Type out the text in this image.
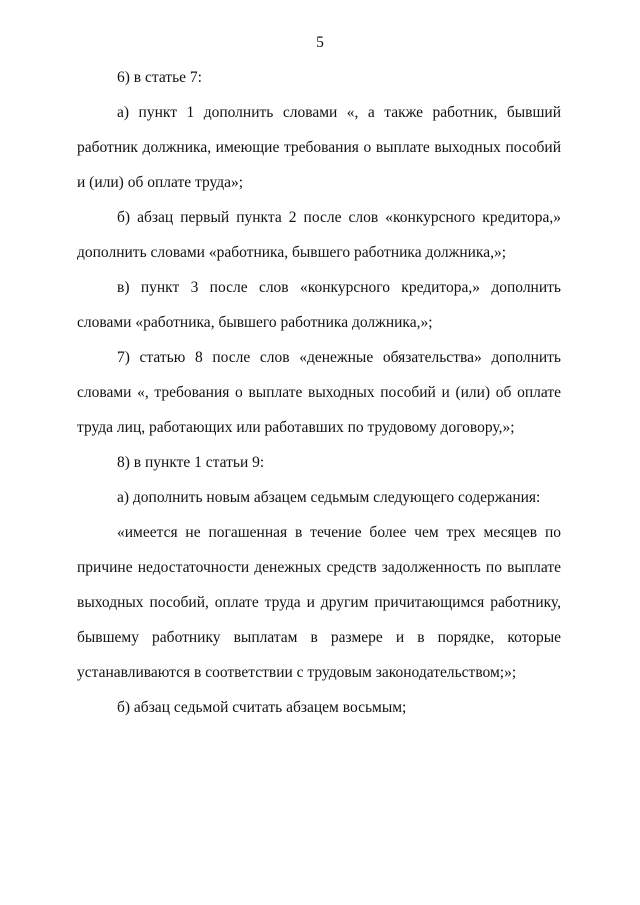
5

6) в статье 7:

а) пункт 1 дополнить словами «, а также работник, бывший работник должника, имеющие требования о выплате выходных пособий и (или) об оплате труда»;

б) абзац первый пункта 2 после слов «конкурсного кредитора,» дополнить словами «работника, бывшего работника должника,»;

в) пункт 3 после слов «конкурсного кредитора,» дополнить словами «работника, бывшего работника должника,»;

7) статью 8 после слов «денежные обязательства» дополнить словами «, требования о выплате выходных пособий и (или) об оплате труда лиц, работающих или работавших по трудовому договору,»;

8) в пункте 1 статьи 9:

а) дополнить новым абзацем седьмым следующего содержания:

«имеется не погашенная в течение более чем трех месяцев по причине недостаточности денежных средств задолженность по выплате выходных пособий, оплате труда и другим причитающимся работнику, бывшему работнику выплатам в размере и в порядке, которые устанавливаются в соответствии с трудовым законодательством;»;

б) абзац седьмой считать абзацем восьмым;
